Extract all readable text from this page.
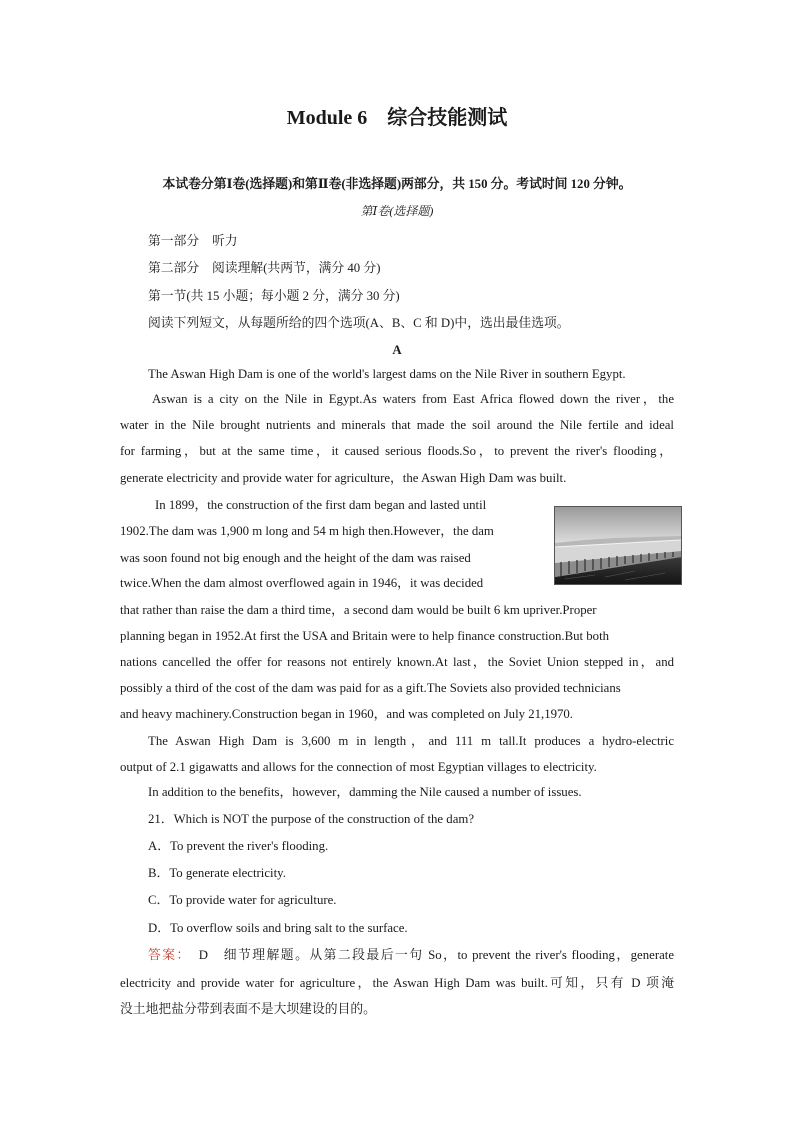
Module 6　综合技能测试
本试卷分第Ⅰ卷(选择题)和第Ⅱ卷(非选择题)两部分，共 150 分。考试时间 120 分钟。
第Ⅰ卷(选择题)
第一部分　听力
第二部分　阅读理解(共两节，满分 40 分)
第一节(共 15 小题；每小题 2 分，满分 30 分)
阅读下列短文，从每题所给的四个选项(A、B、C 和 D)中，选出最佳选项。
A
The Aswan High Dam is one of the world's largest dams on the Nile River in southern Egypt.
Aswan is a city on the Nile in Egypt.As waters from East Africa flowed down the river，the
water in the Nile brought nutrients and minerals that made the soil around the Nile fertile and ideal
for farming，but at the same time，it caused serious floods.So，to prevent the river's flooding，
generate electricity and provide water for agriculture，the Aswan High Dam was built.
In 1899，the construction of the first dam began and lasted until
1902.The dam was 1,900 m long and 54 m high then.However，the dam
was soon found not big enough and the height of the dam was raised
twice.When the dam almost overflowed again in 1946，it was decided
that rather than raise the dam a third time，a second dam would be built 6 km upriver.Proper
planning began in 1952.At first the USA and Britain were to help finance construction.But both
nations cancelled the offer for reasons not entirely known.At last，the Soviet Union stepped in，and
possibly a third of the cost of the dam was paid for as a gift.The Soviets also provided technicians
and heavy machinery.Construction began in 1960，and was completed on July 21,1970.
The Aswan High Dam is 3,600 m in length，and 111 m tall.It produces a hydro-electric
output of 2.1 gigawatts and allows for the connection of most Egyptian villages to electricity.
In addition to the benefits，however，damming the Nile caused a number of issues.
21．Which is NOT the purpose of the construction of the dam?
A．To prevent the river's flooding.
B．To generate electricity.
C．To provide water for agriculture.
D．To overflow soils and bring salt to the surface.
答案：　 D　 细节理解题。从第二段最后一句 So，to prevent the river's flooding，generate
electricity and provide water for agriculture，the Aswan High Dam was built.可知，只有 D 项淹
没土地把盐分带到表面不是大坝建设的目的。
